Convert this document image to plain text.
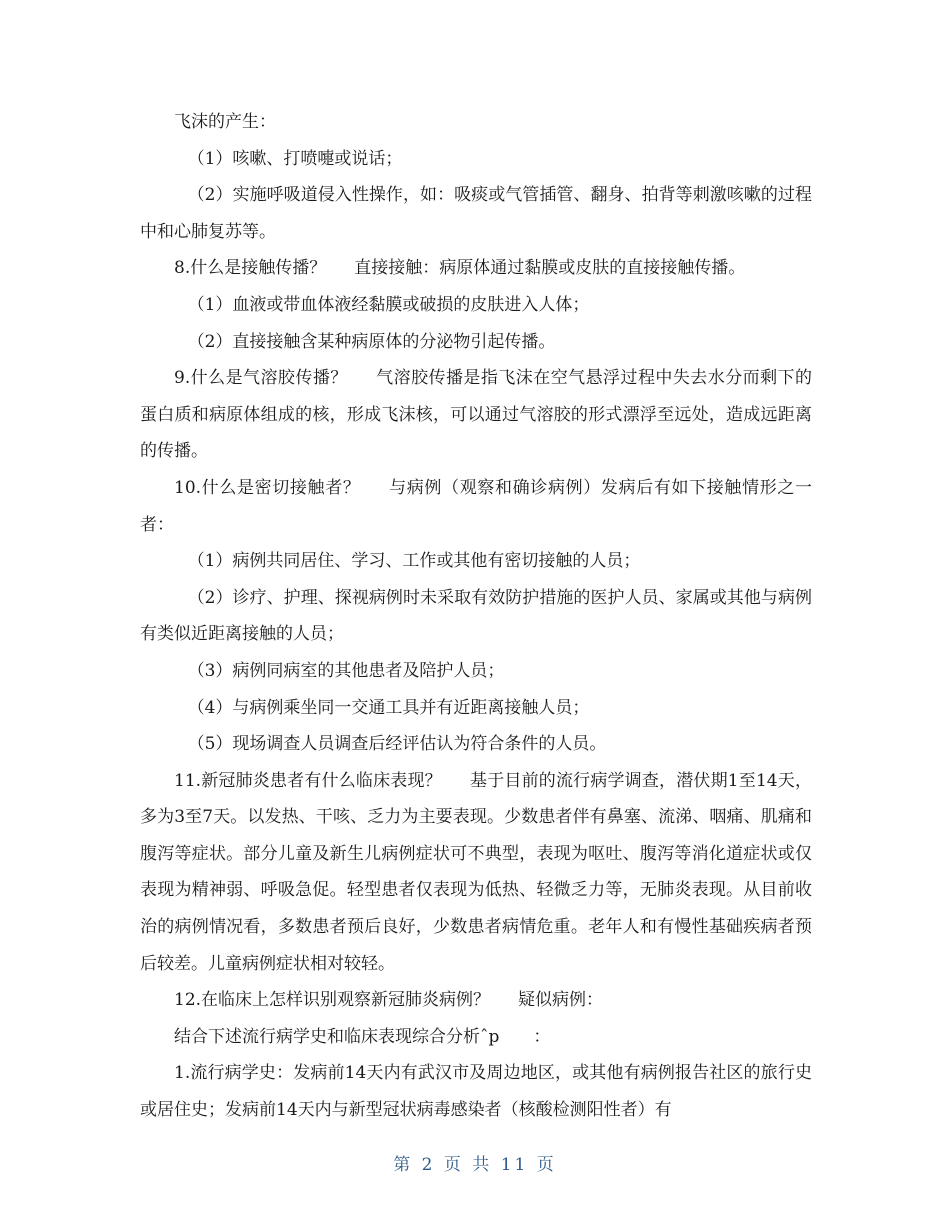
飞沫的产生：

（1）咳嗽、打喷嚏或说话；

（2）实施呼吸道侵入性操作，如：吸痰或气管插管、翻身、拍背等刺激咳嗽的过程中和心肺复苏等。

8.什么是接触传播？ 直接接触：病原体通过黏膜或皮肤的直接接触传播。

（1）血液或带血体液经黏膜或破损的皮肤进入人体；

（2）直接接触含某种病原体的分泌物引起传播。

9.什么是气溶胶传播？ 气溶胶传播是指飞沫在空气悬浮过程中失去水分而剩下的蛋白质和病原体组成的核，形成飞沫核，可以通过气溶胶的形式漂浮至远处，造成远距离的传播。

10.什么是密切接触者？ 与病例（观察和确诊病例）发病后有如下接触情形之一者：

（1）病例共同居住、学习、工作或其他有密切接触的人员；

（2）诊疗、护理、探视病例时未采取有效防护措施的医护人员、家属或其他与病例有类似近距离接触的人员；

（3）病例同病室的其他患者及陪护人员；

（4）与病例乘坐同一交通工具并有近距离接触人员；

（5）现场调查人员调查后经评估认为符合条件的人员。

11.新冠肺炎患者有什么临床表现？ 基于目前的流行病学调查，潜伏期1至14天，多为3至7天。以发热、干咳、乏力为主要表现。少数患者伴有鼻塞、流涕、咽痛、肌痛和腹泻等症状。部分儿童及新生儿病例症状可不典型，表现为呕吐、腹泻等消化道症状或仅表现为精神弱、呼吸急促。轻型患者仅表现为低热、轻微乏力等，无肺炎表现。从目前收治的病例情况看，多数患者预后良好，少数患者病情危重。老年人和有慢性基础疾病者预后较差。儿童病例症状相对较轻。

12.在临床上怎样识别观察新冠肺炎病例？ 疑似病例：

结合下述流行病学史和临床表现综合分析ˆp　　：

1.流行病学史：发病前14天内有武汉市及周边地区，或其他有病例报告社区的旅行史或居住史；发病前14天内与新型冠状病毒感染者（核酸检测阳性者）有

第 2 页 共 11 页
